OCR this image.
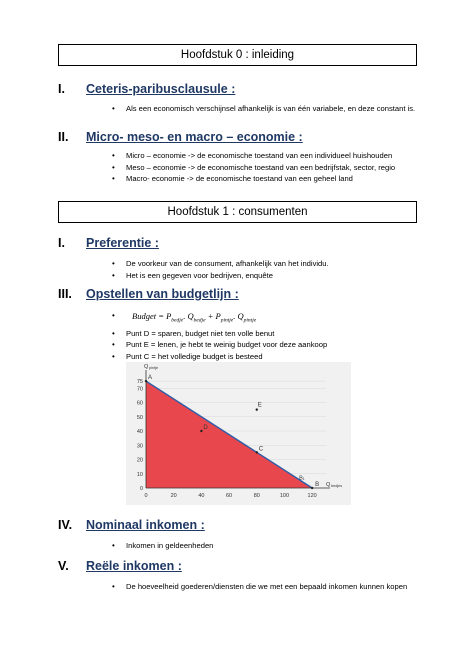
Hoofdstuk 0 : inleiding
I. Ceteris-paribusclausule :
• Als een economisch verschijnsel afhankelijk is van één variabele, en deze constant is.
II. Micro- meso- en macro – economie :
• Micro – economie -> de economische toestand van een individueel huishouden
• Meso – economie -> de economische toestand van een bedrijfstak, sector, regio
• Macro- economie -> de economische toestand van een geheel land
Hoofdstuk 1 : consumenten
I. Preferentie :
• De voorkeur van de consument, afhankelijk van het individu.
• Het is een gegeven voor bedrijven, enquête
III. Opstellen van budgetlijn :
• Budget = $P_{bedje}$. $Q_{bedje} + P_{pintje}$. $Q_{pintje}$
• Punt D = sparen, budget niet ten volle benut
• Punt E = lenen, je hebt te weinig budget voor deze aankoop
• Punt C = het volledige budget is besteed
0
10
20
30
40
50
60
70
75
0	20	40	60	80	100	120
Q pintje
Q bedjes
A
D
E
C
B
B₁
IV. Nominaal inkomen :
• Inkomen in geldeenheden
V. Reële inkomen :
• De hoeveelheid goederen/diensten die we met een bepaald inkomen kunnen kopen
